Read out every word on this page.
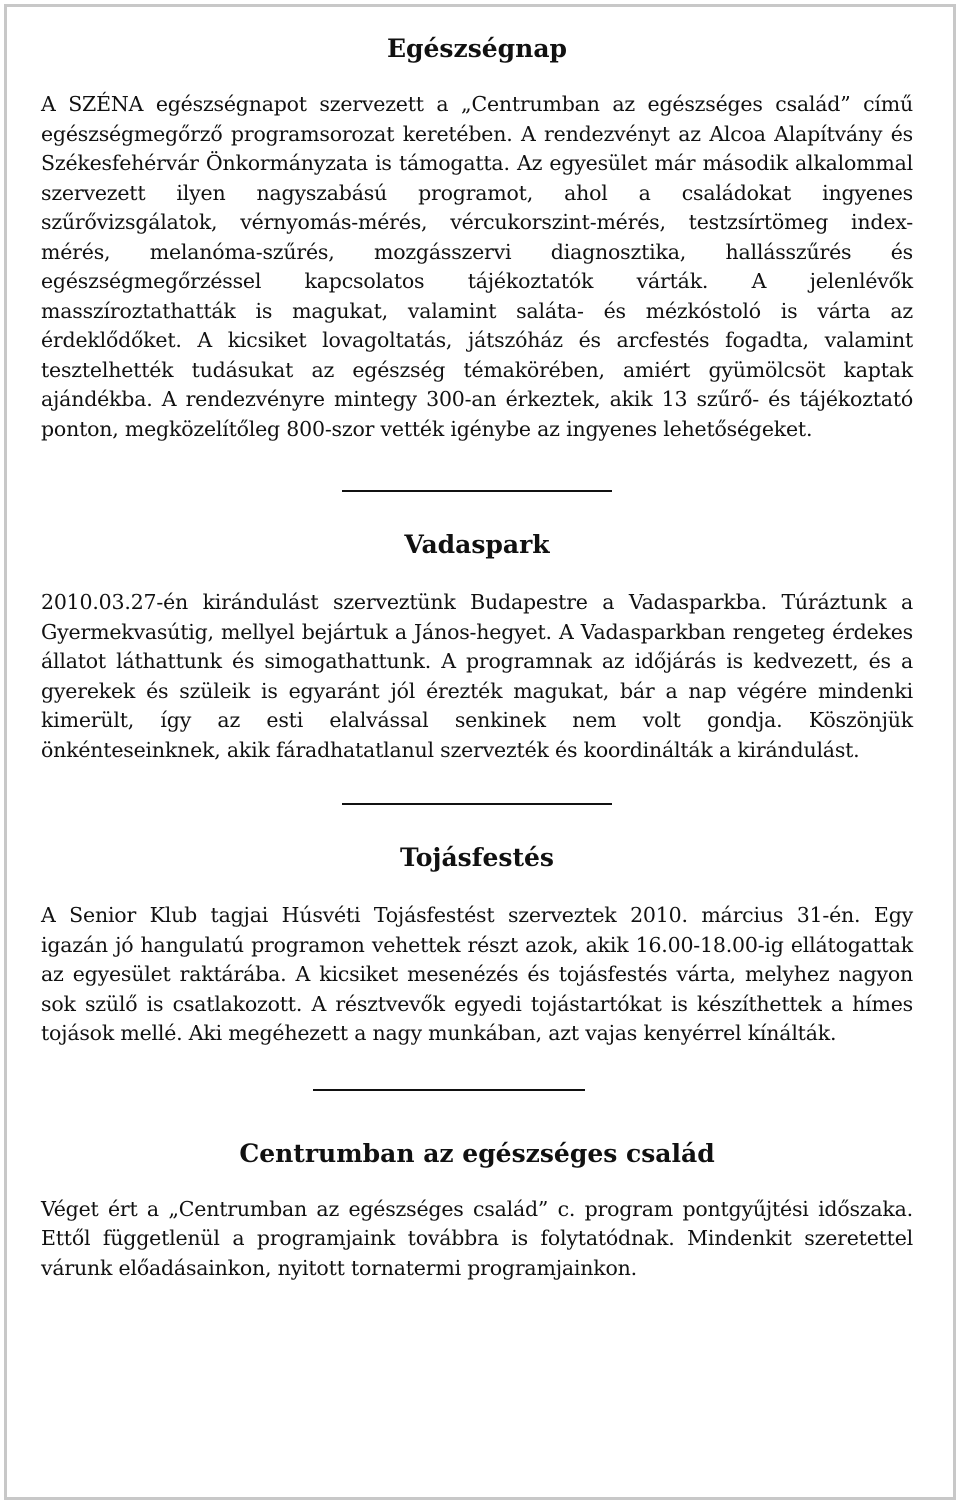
Egészségnap

A SZÉNA egészségnapot szervezett a „Centrumban az egészséges család” című egészségmegőrző programsorozat keretében. A rendezvényt az Alcoa Alapítvány és Székesfehérvár Önkormányzata is támogatta. Az egyesület már második alkalommal szervezett ilyen nagyszabású programot, ahol a családokat ingyenes szűrővizsgálatok, vérnyomás-mérés, vércukorszint-mérés, testzsírtömeg index-mérés, melanóma-szűrés, mozgásszervi diagnosztika, hallásszűrés és egészségmegőrzéssel kapcsolatos tájékoztatók várták. A jelenlévők masszíroztathatták is magukat, valamint saláta- és mézkóstoló is várta az érdeklődőket. A kicsiket lovagoltatás, játszóház és arcfestés fogadta, valamint tesztelhették tudásukat az egészség témakörében, amiért gyümölcsöt kaptak ajándékba. A rendezvényre mintegy 300-an érkeztek, akik 13 szűrő- és tájékoztató ponton, megközelítőleg 800-szor vették igénybe az ingyenes lehetőségeket.

Vadaspark

2010.03.27-én kirándulást szerveztünk Budapestre a Vadasparkba. Túráztunk a Gyermekvasútig, mellyel bejártuk a János-hegyet. A Vadasparkban rengeteg érdekes állatot láthattunk és simogathattunk. A programnak az időjárás is kedvezett, és a gyerekek és szüleik is egyaránt jól érezték magukat, bár a nap végére mindenki kimerült, így az esti elalvással senkinek nem volt gondja. Köszönjük önkénteseinknek, akik fáradhatatlanul szervezték és koordinálták a kirándulást.

Tojásfestés

A Senior Klub tagjai Húsvéti Tojásfestést szerveztek 2010. március 31-én. Egy igazán jó hangulatú programon vehettek részt azok, akik 16.00-18.00-ig ellátogattak az egyesület raktárába. A kicsiket mesenézés és tojásfestés várta, melyhez nagyon sok szülő is csatlakozott. A résztvevők egyedi tojástartókat is készíthettek a hímes tojások mellé. Aki megéhezett a nagy munkában, azt vajas kenyérrel kínálták.

Centrumban az egészséges család

Véget ért a „Centrumban az egészséges család” c. program pontgyűjtési időszaka. Ettől függetlenül a programjaink továbbra is folytatódnak. Mindenkit szeretettel várunk előadásainkon, nyitott tornatermi programjainkon.
